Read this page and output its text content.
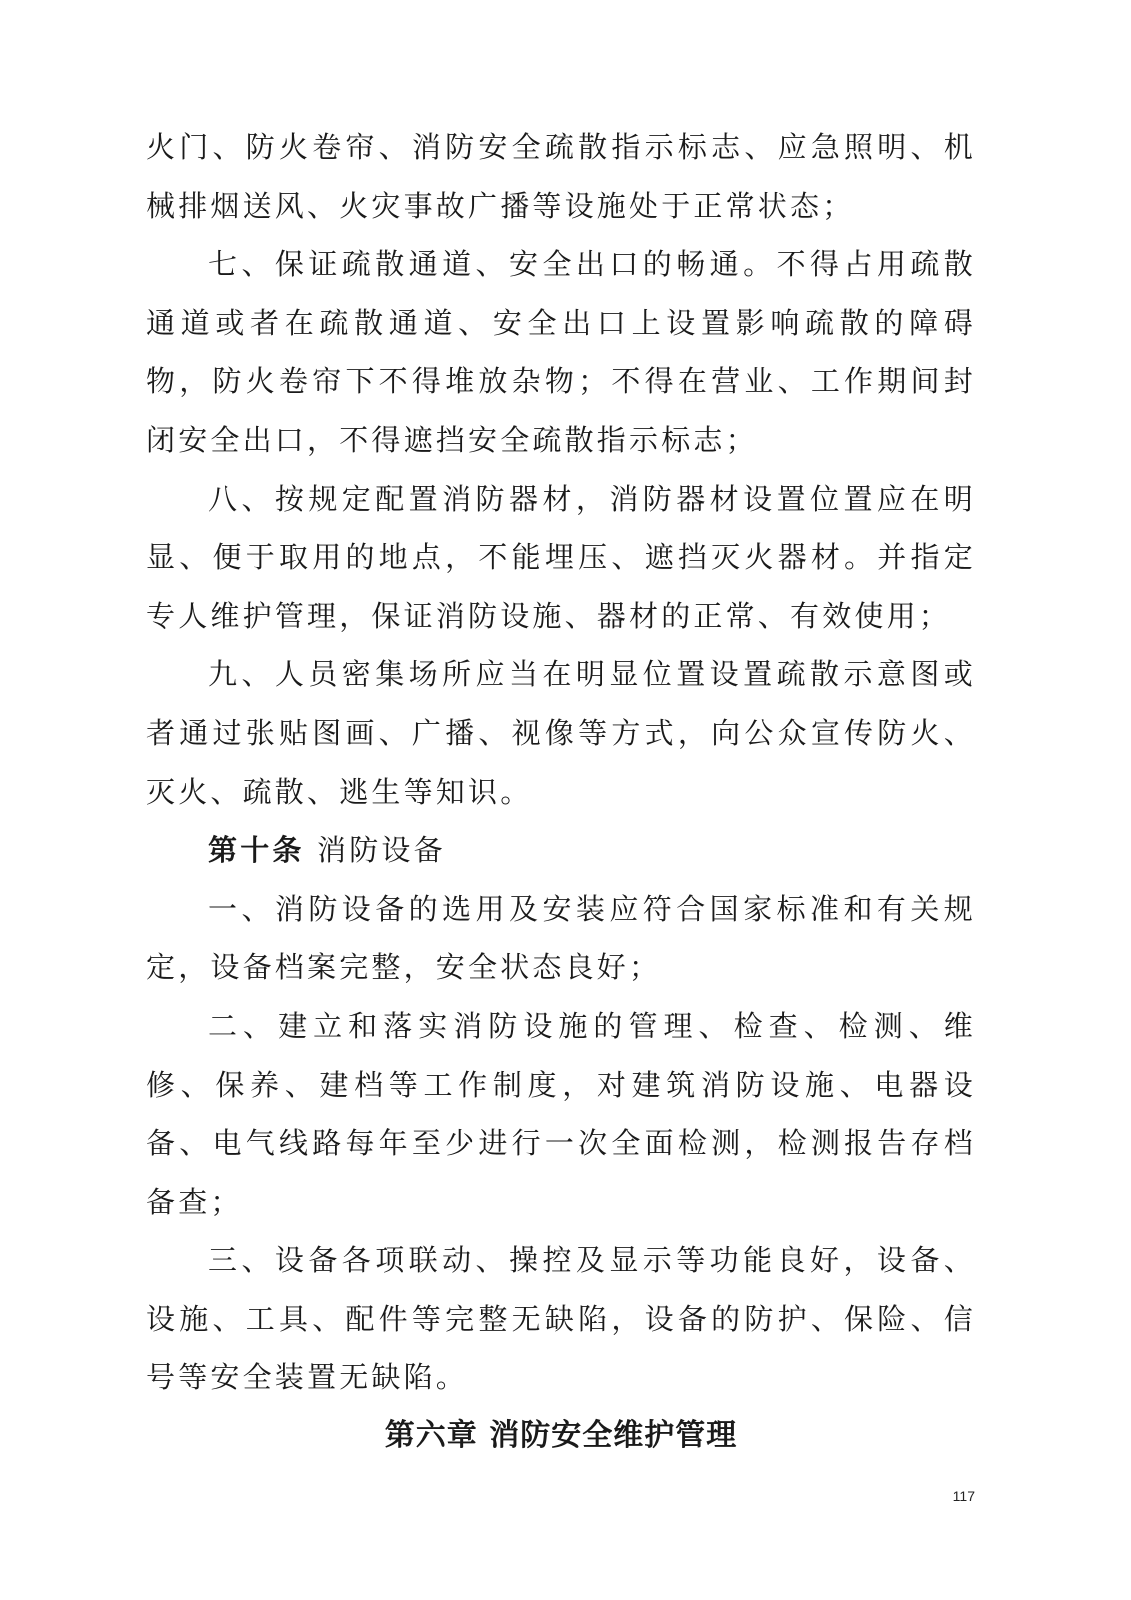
火门、防火卷帘、消防安全疏散指示标志、应急照明、机械排烟送风、火灾事故广播等设施处于正常状态；

七、保证疏散通道、安全出口的畅通。不得占用疏散通道或者在疏散通道、安全出口上设置影响疏散的障碍物，防火卷帘下不得堆放杂物；不得在营业、工作期间封闭安全出口，不得遮挡安全疏散指示标志；

八、按规定配置消防器材，消防器材设置位置应在明显、便于取用的地点，不能埋压、遮挡灭火器材。并指定专人维护管理，保证消防设施、器材的正常、有效使用；

九、人员密集场所应当在明显位置设置疏散示意图或者通过张贴图画、广播、视像等方式，向公众宣传防火、灭火、疏散、逃生等知识。

第十条 消防设备

一、消防设备的选用及安装应符合国家标准和有关规定，设备档案完整，安全状态良好；

二、建立和落实消防设施的管理、检查、检测、维修、保养、建档等工作制度，对建筑消防设施、电器设备、电气线路每年至少进行一次全面检测，检测报告存档备查；

三、设备各项联动、操控及显示等功能良好，设备、设施、工具、配件等完整无缺陷，设备的防护、保险、信号等安全装置无缺陷。

第六章 消防安全维护管理

117
